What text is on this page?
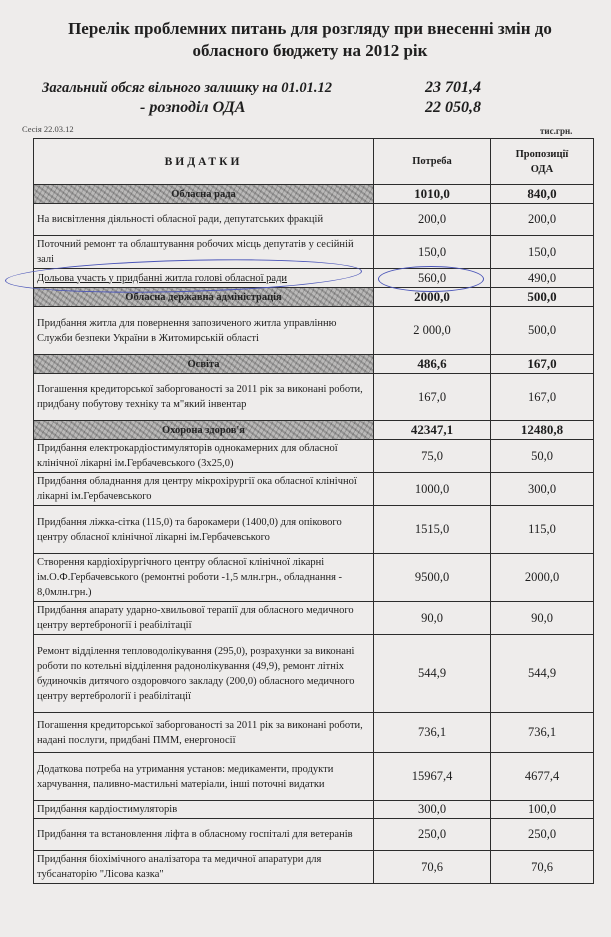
Перелік проблемних питань для розгляду при внесенні змін до
обласного бюджету на 2012 рік
Загальний обсяг вільного залишку на 01.01.12	23 701,4
- розподіл ОДА	22 050,8
Сесія 22.03.12	тис.грн.
ВИДАТКИ	Потреба	Пропозиції
ОДА

Обласна рада	1010,0	840,0
На висвітлення діяльності обласної ради, депутатських фракцій	200,0	200,0
Поточний ремонт та облаштування робочих місць депутатів у сесійній залі	150,0	150,0
Дольова участь у придбанні житла голові обласної ради	560,0	490,0
Обласна державна адміністрація	2000,0	500,0
Придбання житла для повернення запозиченого житла управлінню Служби безпеки України в Житомирській області	2 000,0	500,0
Освіта	486,6	167,0
Погашення кредиторської заборгованості за 2011 рік за виконані роботи, придбану побутову техніку та м"який інвентар	167,0	167,0
Охорона здоров'я	42347,1	12480,8
Придбання електрокардіостимуляторів однокамерних для обласної клінічної лікарні ім.Гербачевського (3х25,0)	75,0	50,0
Придбання обладнання для центру мікрохірургії ока обласної клінічної лікарні ім.Гербачевського	1000,0	300,0
Придбання ліжка-сітка (115,0) та барокамери (1400,0) для опікового центру обласної клінічної лікарні ім.Гербачевського	1515,0	115,0
Створення кардіохірургічного центру обласної клінічної лікарні ім.О.Ф.Гербачевського (ремонтні роботи -1,5 млн.грн., обладнання - 8,0млн.грн.)	9500,0	2000,0
Придбання апарату ударно-хвильової терапії для обласного медичного центру вертеброногії і реабілітації	90,0	90,0
Ремонт відділення тепловодолікування (295,0), розрахунки за виконані роботи по котельні відділення радонолікування (49,9), ремонт літніх будиночків дитячого оздоровчого закладу (200,0) обласного медичного центру вертебрології і реабілітації	544,9	544,9
Погашення кредиторської заборгованості за 2011 рік за виконані роботи, надані послуги, придбані ПММ, енергоносії	736,1	736,1
Додаткова потреба на утримання установ: медикаменти, продукти харчування, паливно-мастильні матеріали, інші поточні видатки	15967,4	4677,4
Придбання кардіостимуляторів	300,0	100,0
Придбання та встановлення ліфта в обласному госпіталі для ветеранів	250,0	250,0
Придбання біохімічного аналізатора та медичної апаратури для тубсанаторію "Лісова казка"	70,6	70,6
